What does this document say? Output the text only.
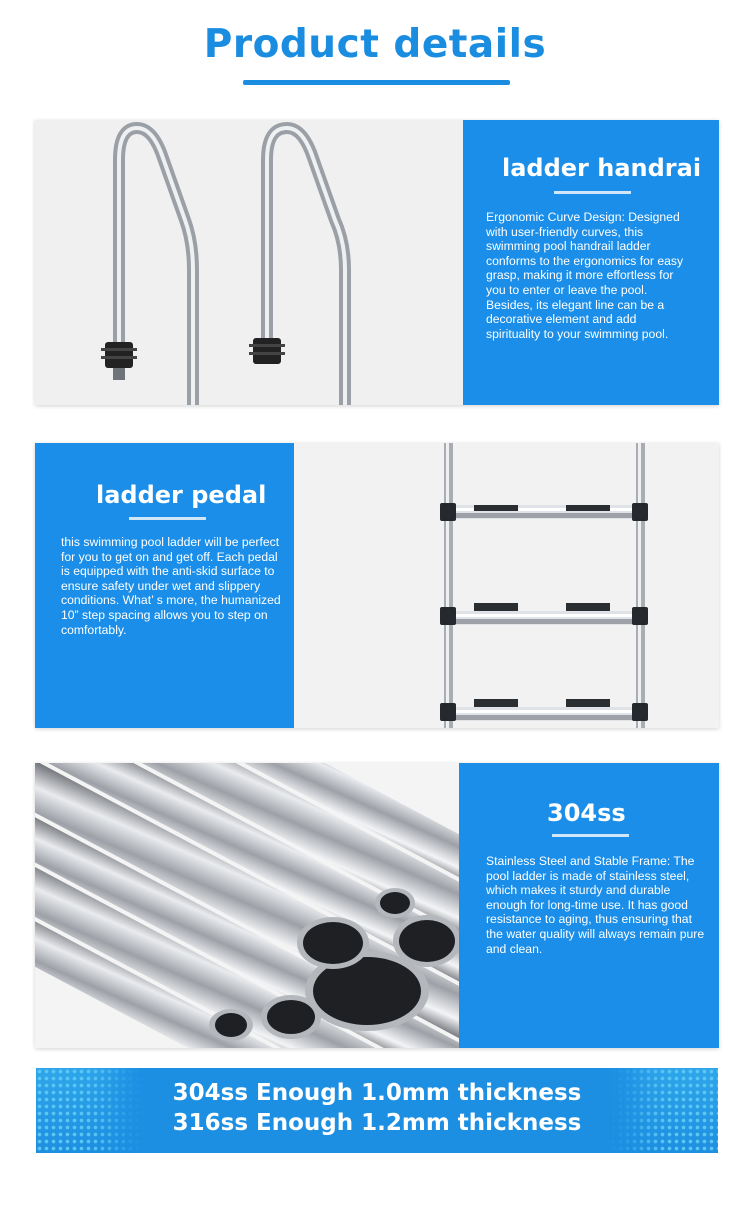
Product details
ladder handrai

Ergonomic Curve Design: Designed with user-friendly curves, this swimming pool handrail ladder conforms to the ergonomics for easy grasp, making it more effortless for you to enter or leave the pool. Besides, its elegant line can be a decorative element and add spirituality to your swimming pool.

ladder pedal

this swimming pool ladder will be perfect for you to get on and get off. Each pedal is equipped with the anti-skid surface to ensure safety under wet and slippery conditions. What’ s more, the humanized 10” step spacing allows you to step on comfortably.

304ss

Stainless Steel and Stable Frame: The pool ladder is made of stainless steel, which makes it sturdy and durable enough for long-time use. It has good resistance to aging, thus ensuring that the water quality will always remain pure and clean.

304ss Enough 1.0mm thickness
316ss Enough 1.2mm thickness
